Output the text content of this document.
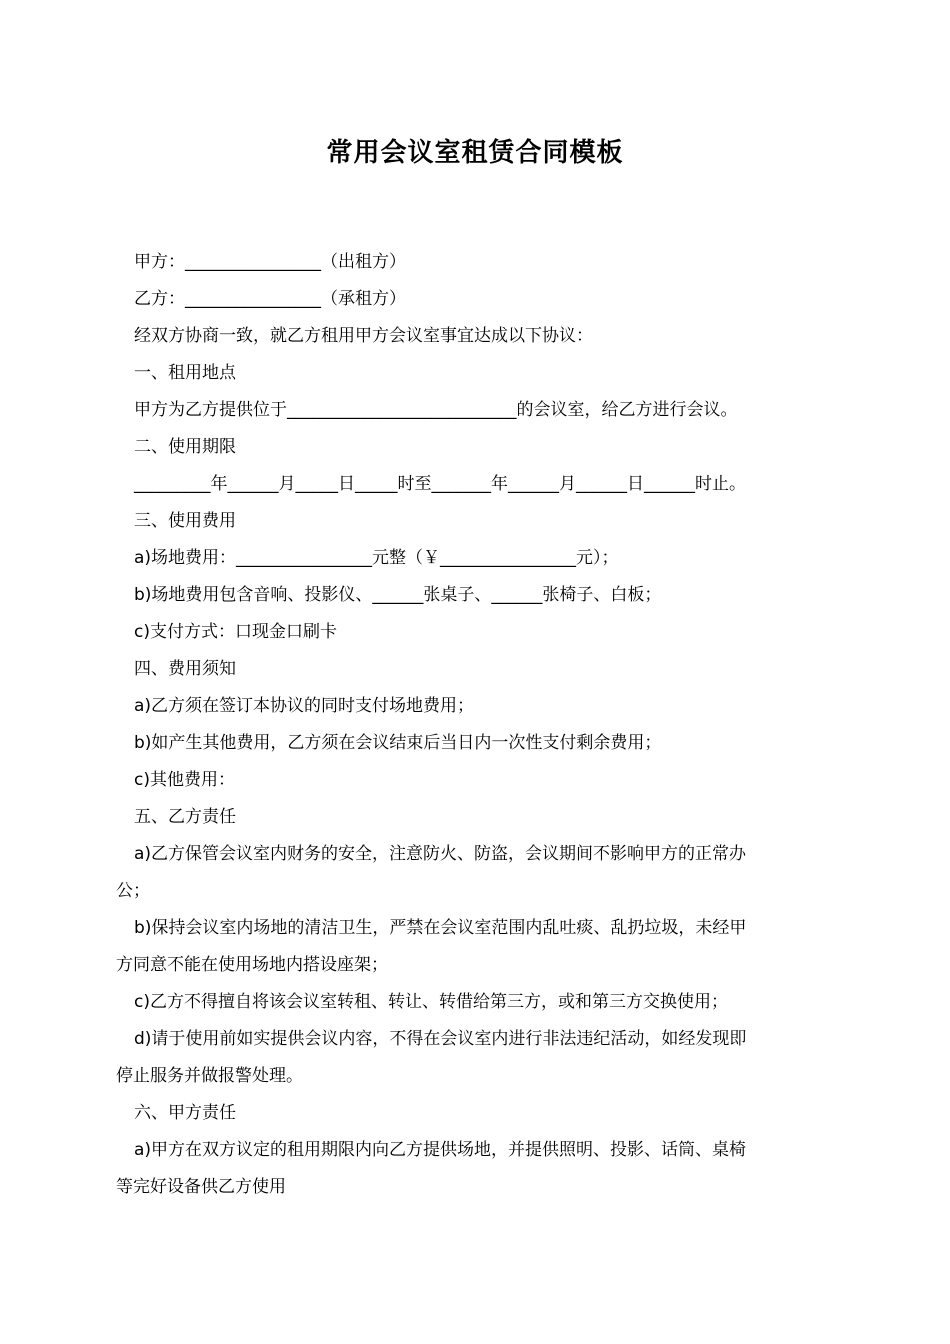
常用会议室租赁合同模板

甲方：________________（出租方）

乙方：________________（承租方）

经双方协商一致，就乙方租用甲方会议室事宜达成以下协议：

一、租用地点

甲方为乙方提供位于___________________________的会议室，给乙方进行会议。

二、使用期限

_________年______月_____日_____时至_______年______月______日______时止。

三、使用费用

a)场地费用：________________元整（￥________________元）；

b)场地费用包含音响、投影仪、______张桌子、______张椅子、白板；

c)支付方式：口现金口刷卡

四、费用须知

a)乙方须在签订本协议的同时支付场地费用；

b)如产生其他费用，乙方须在会议结束后当日内一次性支付剩余费用；

c)其他费用：

五、乙方责任

a)乙方保管会议室内财务的安全，注意防火、防盗，会议期间不影响甲方的正常办

公；

b)保持会议室内场地的清洁卫生，严禁在会议室范围内乱吐痰、乱扔垃圾，未经甲

方同意不能在使用场地内搭设座架；

c)乙方不得擅自将该会议室转租、转让、转借给第三方，或和第三方交换使用；

d)请于使用前如实提供会议内容，不得在会议室内进行非法违纪活动，如经发现即

停止服务并做报警处理。

六、甲方责任

a)甲方在双方议定的租用期限内向乙方提供场地，并提供照明、投影、话筒、桌椅

等完好设备供乙方使用
